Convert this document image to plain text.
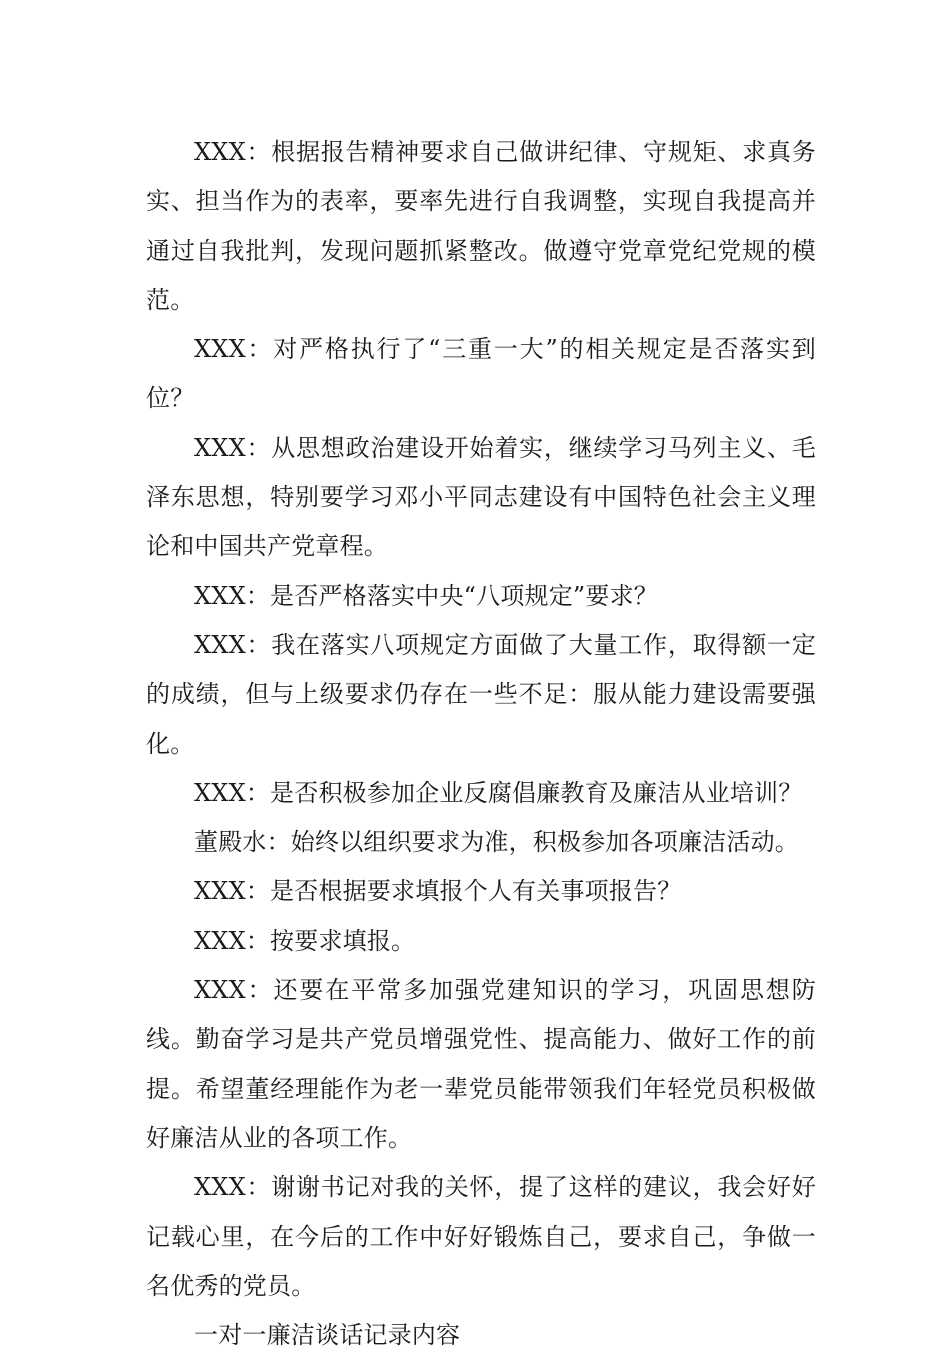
XXX：根据报告精神要求自己做讲纪律、守规矩、求真务实、担当作为的表率，要率先进行自我调整，实现自我提高并通过自我批判，发现问题抓紧整改。做遵守党章党纪党规的模范。

XXX：对严格执行了“三重一大”的相关规定是否落实到位？

XXX：从思想政治建设开始着实，继续学习马列主义、毛泽东思想，特别要学习邓小平同志建设有中国特色社会主义理论和中国共产党章程。

XXX：是否严格落实中央“八项规定”要求？

XXX：我在落实八项规定方面做了大量工作，取得额一定的成绩，但与上级要求仍存在一些不足：服从能力建设需要强化。

XXX：是否积极参加企业反腐倡廉教育及廉洁从业培训？

董殿水：始终以组织要求为准，积极参加各项廉洁活动。

XXX：是否根据要求填报个人有关事项报告？

XXX：按要求填报。

XXX：还要在平常多加强党建知识的学习，巩固思想防线。勤奋学习是共产党员增强党性、提高能力、做好工作的前提。希望董经理能作为老一辈党员能带领我们年轻党员积极做好廉洁从业的各项工作。

XXX：谢谢书记对我的关怀，提了这样的建议，我会好好记载心里，在今后的工作中好好锻炼自己，要求自己，争做一名优秀的党员。

一对一廉洁谈话记录内容
